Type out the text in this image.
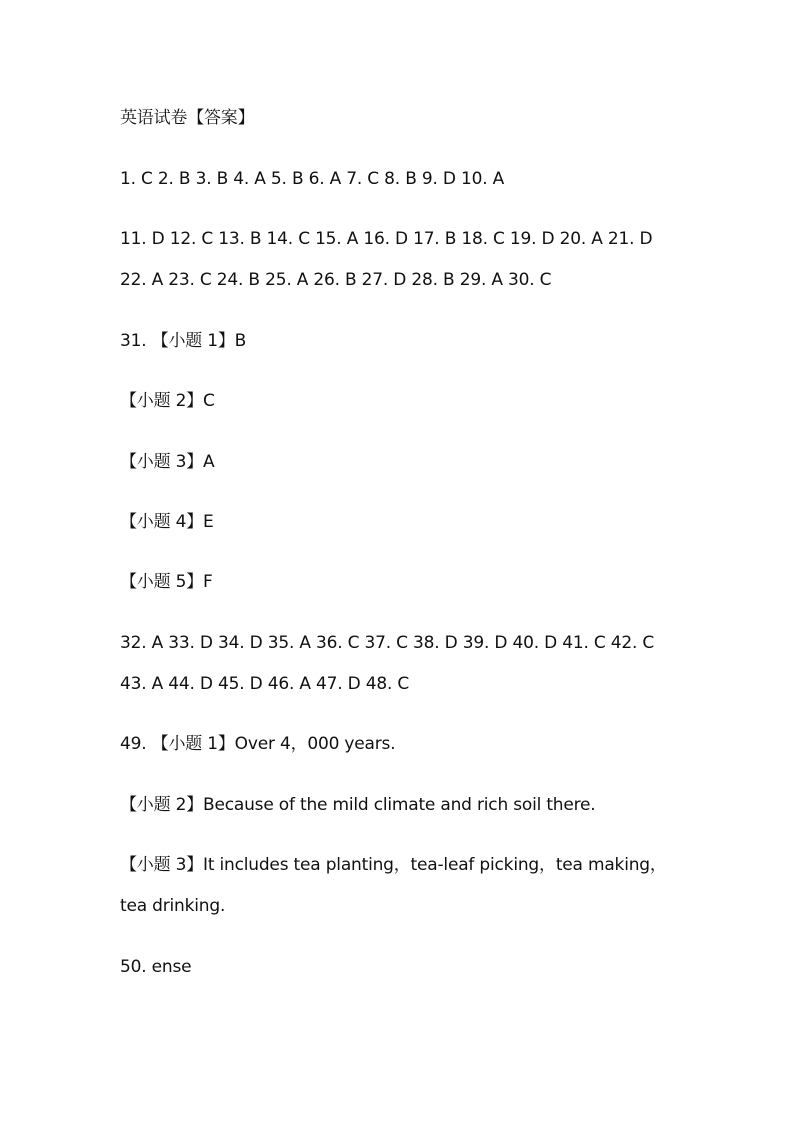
英语试卷【答案】
1. C 2. B 3. B 4. A 5. B 6. A 7. C 8. B 9. D 10. A
11. D 12. C 13. B 14. C 15. A 16. D 17. B 18. C 19. D 20. A 21. D
22. A 23. C 24. B 25. A 26. B 27. D 28. B 29. A 30. C
31. 【小题 1】B
【小题 2】C
【小题 3】A
【小题 4】E
【小题 5】F
32. A 33. D 34. D 35. A 36. C 37. C 38. D 39. D 40. D 41. C 42. C
43. A 44. D 45. D 46. A 47. D 48. C
49. 【小题 1】Over 4，000 years.
【小题 2】Because of the mild climate and rich soil there.
【小题 3】It includes tea planting，tea-leaf picking，tea making，
tea drinking.
50. ense
